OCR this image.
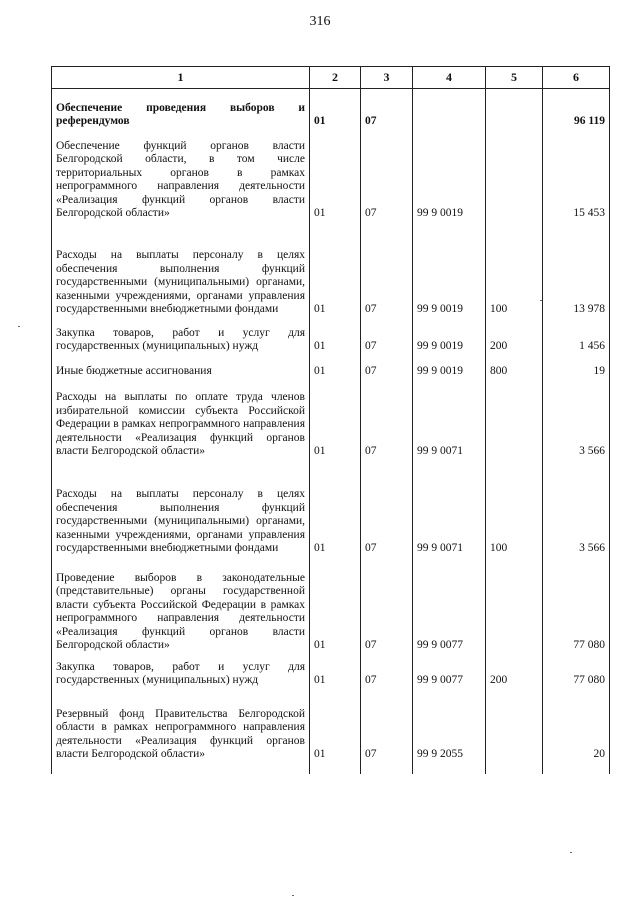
316
1	2	3	4	5	6
Обеспечение проведения выборов и референдумов	01	07			96 119
Обеспечение функций органов власти Белгородской области, в том числе территориальных органов в рамках непрограммного направления деятельности «Реализация функций органов власти Белгородской области»	01	07	99 9 0019		15 453
Расходы на выплаты персоналу в целях обеспечения выполнения функций государственными (муниципальными) органами, казенными учреждениями, органами управления государственными внебюджетными фондами	01	07	99 9 0019	100	13 978
Закупка товаров, работ и услуг для государственных (муниципальных) нужд	01	07	99 9 0019	200	1 456
Иные бюджетные ассигнования	01	07	99 9 0019	800	19
Расходы на выплаты по оплате труда членов избирательной комиссии субъекта Российской Федерации в рамках непрограммного направления деятельности «Реализация функций органов власти Белгородской области»	01	07	99 9 0071		3 566
Расходы на выплаты персоналу в целях обеспечения выполнения функций государственными (муниципальными) органами, казенными учреждениями, органами управления государственными внебюджетными фондами	01	07	99 9 0071	100	3 566
Проведение выборов в законодательные (представительные) органы государственной власти субъекта Российской Федерации в рамках непрограммного направления деятельности «Реализация функций органов власти Белгородской области»	01	07	99 9 0077		77 080
Закупка товаров, работ и услуг для государственных (муниципальных) нужд	01	07	99 9 0077	200	77 080
Резервный фонд Правительства Белгородской области в рамках непрограммного направления деятельности «Реализация функций органов власти Белгородской области»	01	07	99 9 2055		20
